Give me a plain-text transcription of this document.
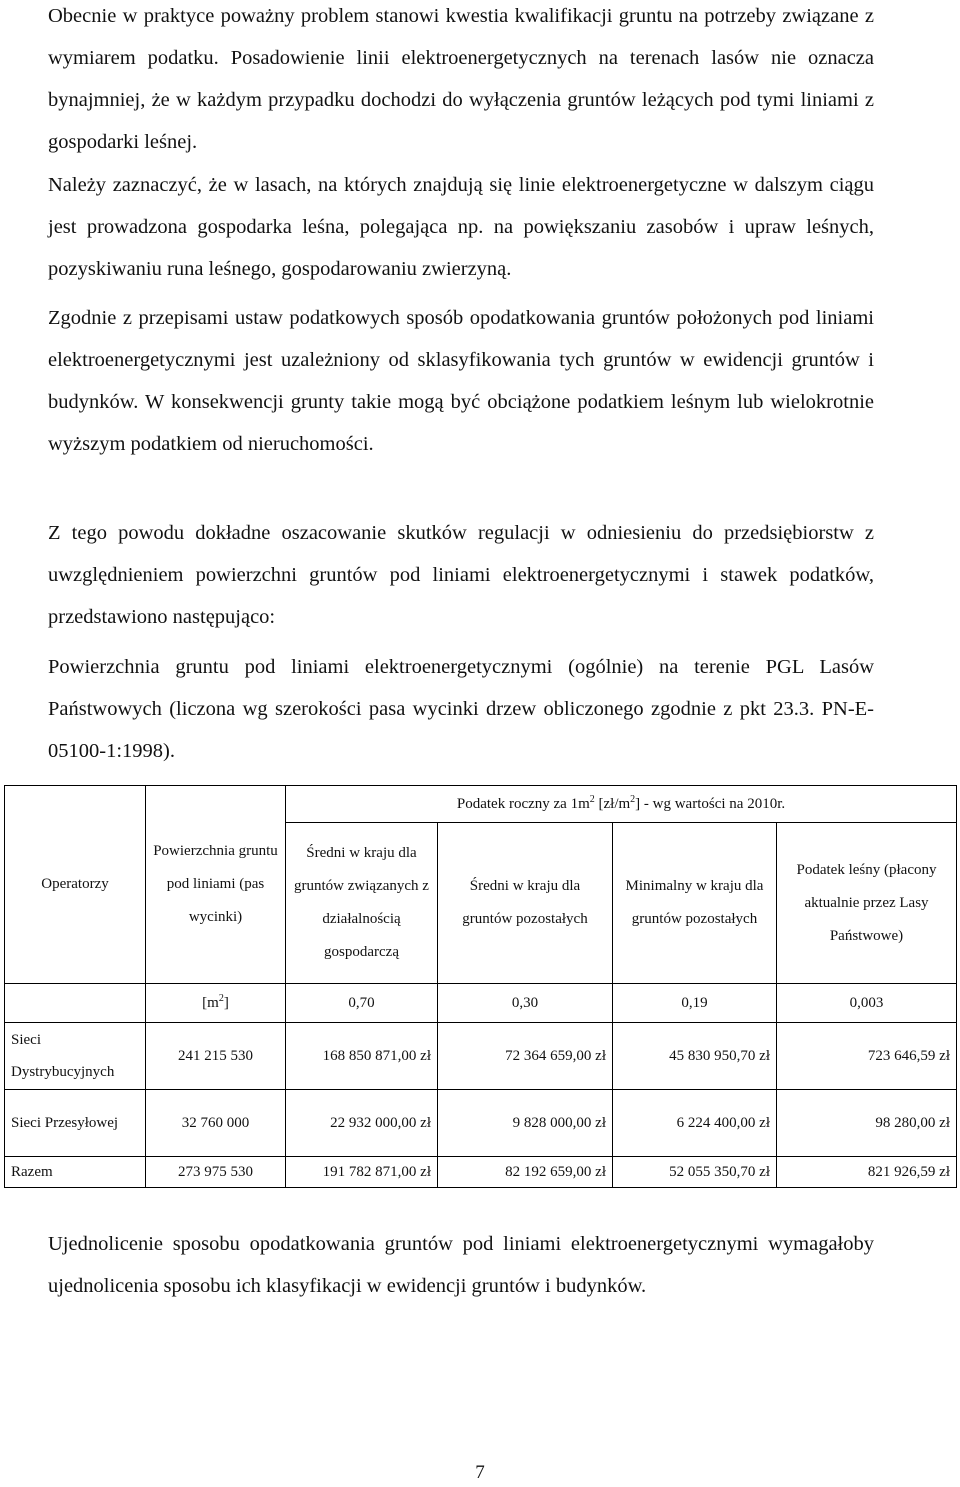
Obecnie w praktyce poważny problem stanowi kwestia kwalifikacji gruntu na potrzeby związane z wymiarem podatku. Posadowienie linii elektroenergetycznych na terenach lasów nie oznacza bynajmniej, że w każdym przypadku dochodzi do wyłączenia gruntów leżących pod tymi liniami z gospodarki leśnej.

Należy zaznaczyć, że w lasach, na których znajdują się linie elektroenergetyczne w dalszym ciągu jest prowadzona gospodarka leśna, polegająca np. na powiększaniu zasobów i upraw leśnych, pozyskiwaniu runa leśnego, gospodarowaniu zwierzyną.

Zgodnie z przepisami ustaw podatkowych sposób opodatkowania gruntów położonych pod liniami elektroenergetycznymi jest uzależniony od sklasyfikowania tych gruntów w ewidencji gruntów i budynków. W konsekwencji grunty takie mogą być obciążone podatkiem leśnym lub wielokrotnie wyższym podatkiem od nieruchomości.

Z tego powodu dokładne oszacowanie skutków regulacji w odniesieniu do przedsiębiorstw z uwzględnieniem powierzchni gruntów pod liniami elektroenergetycznymi i stawek podatków, przedstawiono następująco:

Powierzchnia gruntu pod liniami elektroenergetycznymi (ogólnie) na terenie PGL Lasów Państwowych (liczona wg szerokości pasa wycinki drzew obliczonego zgodnie z pkt 23.3. PN-E-05100-1:1998).

Operatorzy	Powierzchnia gruntu pod liniami (pas wycinki)	Podatek roczny za $1m^2$ $[zł/m^2]$ - wg wartości na 2010r.			
		Średni w kraju dla gruntów związanych z działalnością gospodarczą	Średni w kraju dla gruntów pozostałych	Minimalny w kraju dla gruntów pozostałych	Podatek leśny (płacony aktualnie przez Lasy Państwowe)
	$[m^2]$	0,70	0,30	0,19	0,003
Sieci Dystrybucyjnych	241 215 530	168 850 871,00 zł	72 364 659,00 zł	45 830 950,70 zł	723 646,59 zł
Sieci Przesyłowej	32 760 000	22 932 000,00 zł	9 828 000,00 zł	6 224 400,00 zł	98 280,00 zł
Razem	273 975 530	191 782 871,00 zł	82 192 659,00 zł	52 055 350,70 zł	821 926,59 zł

Ujednolicenie sposobu opodatkowania gruntów pod liniami elektroenergetycznymi wymagałoby ujednolicenia sposobu ich klasyfikacji w ewidencji gruntów i budynków.

7
